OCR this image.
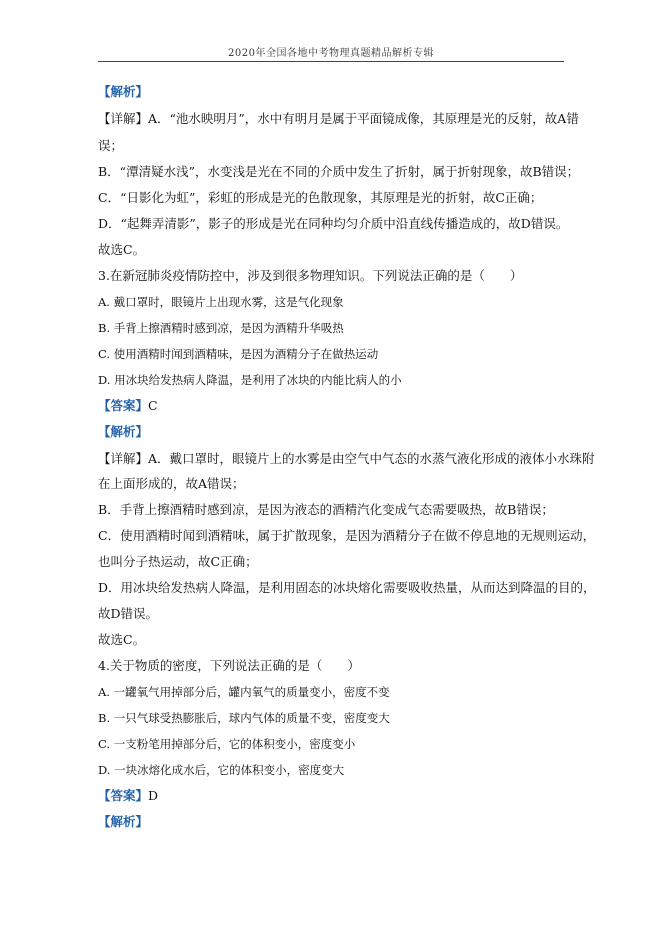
2020年全国各地中考物理真题精品解析专辑
【解析】
【详解】A．“池水映明月”，水中有明月是属于平面镜成像，其原理是光的反射，故A错
误；
B．“潭清疑水浅”，水变浅是光在不同的介质中发生了折射，属于折射现象，故B错误；
C．“日影化为虹”，彩虹的形成是光的色散现象，其原理是光的折射，故C正确；
D．“起舞弄清影”，影子的形成是光在同种均匀介质中沿直线传播造成的，故D错误。
故选C。
3.在新冠肺炎疫情防控中，涉及到很多物理知识。下列说法正确的是（　　）
A. 戴口罩时，眼镜片上出现水雾，这是气化现象
B. 手背上擦酒精时感到凉，是因为酒精升华吸热
C. 使用酒精时闻到酒精味，是因为酒精分子在做热运动
D. 用冰块给发热病人降温，是利用了冰块的内能比病人的小
【答案】C
【解析】
【详解】A．戴口罩时，眼镜片上的水雾是由空气中气态的水蒸气液化形成的液体小水珠附
在上面形成的，故A错误；
B．手背上擦酒精时感到凉，是因为液态的酒精汽化变成气态需要吸热，故B错误；
C．使用酒精时闻到酒精味，属于扩散现象，是因为酒精分子在做不停息地的无规则运动，
也叫分子热运动，故C正确；
D．用冰块给发热病人降温，是利用固态的冰块熔化需要吸收热量，从而达到降温的目的，
故D错误。
故选C。
4.关于物质的密度，下列说法正确的是（　　）
A. 一罐氧气用掉部分后，罐内氧气的质量变小，密度不变
B. 一只气球受热膨胀后，球内气体的质量不变，密度变大
C. 一支粉笔用掉部分后，它的体积变小，密度变小
D. 一块冰熔化成水后，它的体积变小，密度变大
【答案】D
【解析】
